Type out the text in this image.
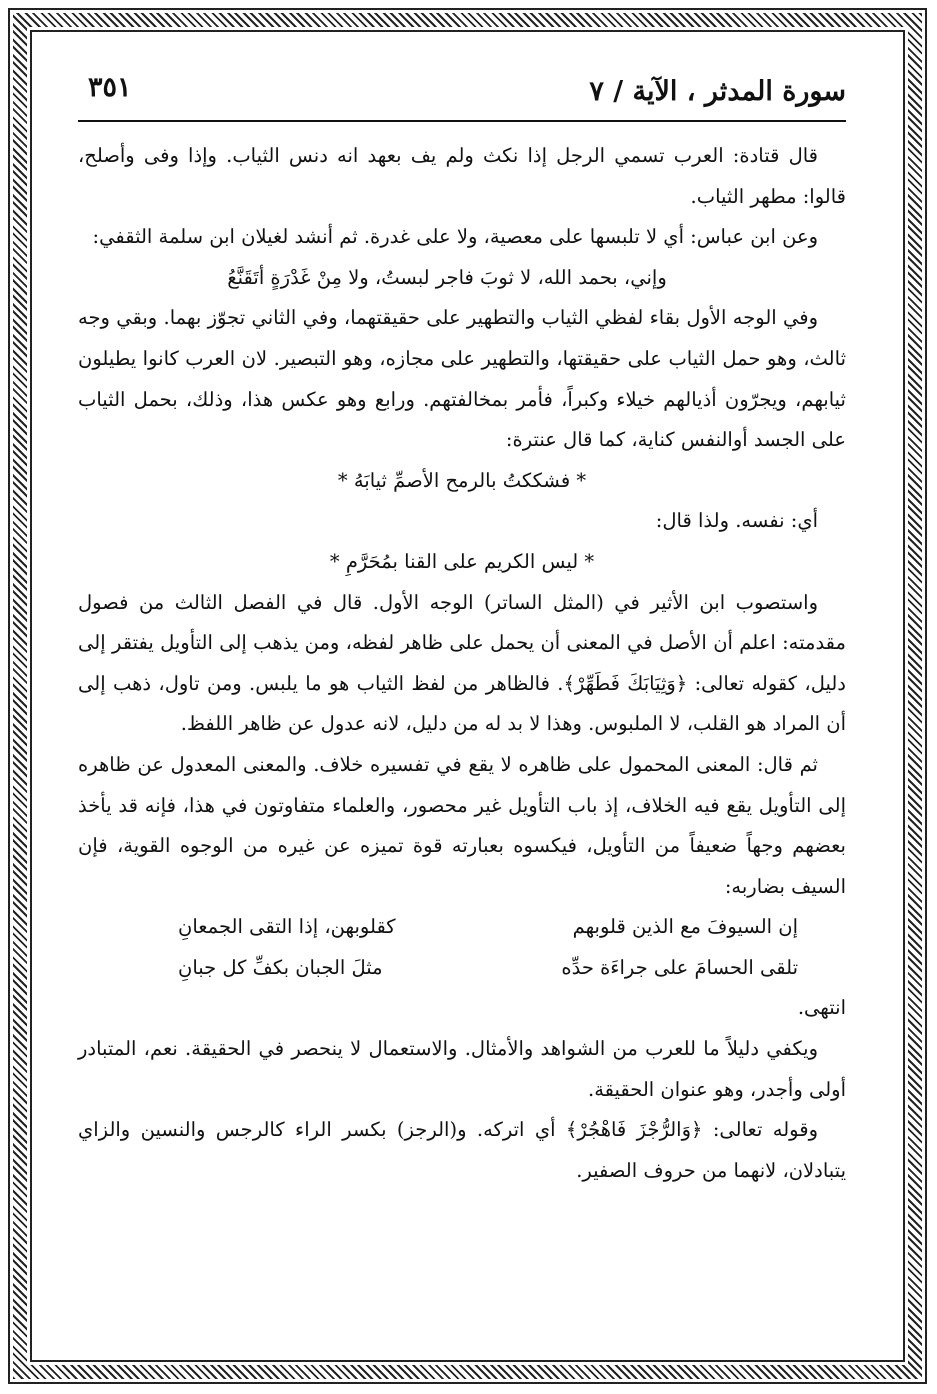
سورة المدثر ، الآية / ٧
٣٥١

قال قتادة: العرب تسمي الرجل إذا نكث ولم يف بعهد انه دنس الثياب. وإذا وفى وأصلح، قالوا: مطهر الثياب.

وعن ابن عباس: أي لا تلبسها على معصية، ولا على غدرة. ثم أنشد لغيلان ابن سلمة الثقفي:

وإني، بحمد الله، لا ثوبَ فاجر لبستُ، ولا مِنْ غَدْرَةٍ أتَقَنَّعُ

وفي الوجه الأول بقاء لفظي الثياب والتطهير على حقيقتهما، وفي الثاني تجوّز بهما. وبقي وجه ثالث، وهو حمل الثياب على حقيقتها، والتطهير على مجازه، وهو التبصير. لان العرب كانوا يطيلون ثيابهم، ويجرّون أذيالهم خيلاء وكبراً، فأمر بمخالفتهم. ورابع وهو عكس هذا، وذلك، بحمل الثياب على الجسد أوالنفس كناية، كما قال عنترة:

* فشككتُ بالرمح الأصمِّ ثيابَهُ *

أي: نفسه. ولذا قال:

* ليس الكريم على القنا بمُحَرَّمِ *

واستصوب ابن الأثير في (المثل الساتر) الوجه الأول. قال في الفصل الثالث من فصول مقدمته: اعلم أن الأصل في المعنى أن يحمل على ظاهر لفظه، ومن يذهب إلى التأويل يفتقر إلى دليل، كقوله تعالى: ﴿وَثِيَابَكَ فَطَهِّرْ﴾. فالظاهر من لفظ الثياب هو ما يلبس. ومن تاول، ذهب إلى أن المراد هو القلب، لا الملبوس. وهذا لا بد له من دليل، لانه عدول عن ظاهر اللفظ.

ثم قال: المعنى المحمول على ظاهره لا يقع في تفسيره خلاف. والمعنى المعدول عن ظاهره إلى التأويل يقع فيه الخلاف، إذ باب التأويل غير محصور، والعلماء متفاوتون في هذا، فإنه قد يأخذ بعضهم وجهاً ضعيفاً من التأويل، فيكسوه بعبارته قوة تميزه عن غيره من الوجوه القوية، فإن السيف بضاربه:

إن السيوفَ مع الذين قلوبهم
كقلوبهن، إذا التقى الجمعانِ
تلقى الحسامَ على جراءَة حدِّه
مثلَ الجبان بكفِّ كل جبانِ

انتهى.

ويكفي دليلاً ما للعرب من الشواهد والأمثال. والاستعمال لا ينحصر في الحقيقة. نعم، المتبادر أولى وأجدر، وهو عنوان الحقيقة.

وقوله تعالى: ﴿وَالرُّجْزَ فَاهْجُرْ﴾ أي اتركه. و(الرجز) بكسر الراء كالرجس والنسين والزاي يتبادلان، لانهما من حروف الصفير.
